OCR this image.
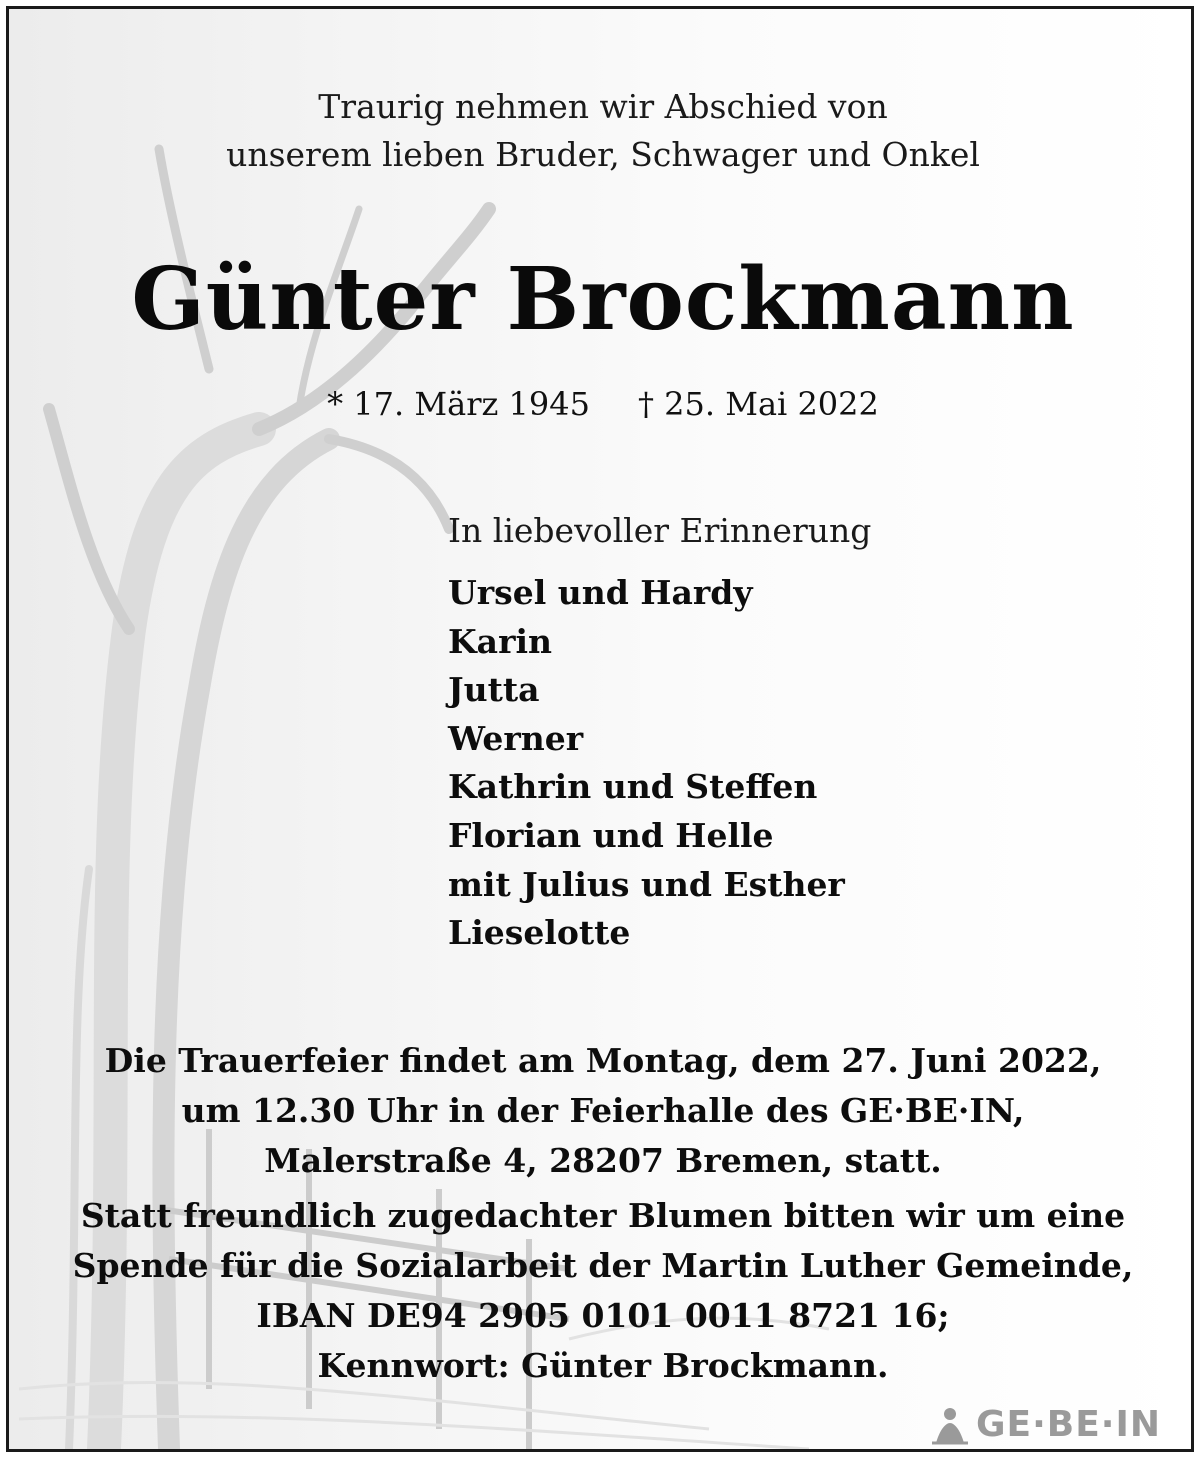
Traurig nehmen wir Abschied von
unserem lieben Bruder, Schwager und Onkel
Günter Brockmann
* 17. März 1945 † 25. Mai 2022
In liebevoller Erinnerung
Ursel und Hardy
Karin
Jutta
Werner
Kathrin und Steffen
Florian und Helle
mit Julius und Esther
Lieselotte
Die Trauerfeier findet am Montag, dem 27. Juni 2022,
um 12.30 Uhr in der Feierhalle des GE·BE·IN,
Malerstraße 4, 28207 Bremen, statt.
Statt freundlich zugedachter Blumen bitten wir um eine
Spende für die Sozialarbeit der Martin Luther Gemeinde,
IBAN DE94 2905 0101 0011 8721 16;
Kennwort: Günter Brockmann.
GE·BE·IN
